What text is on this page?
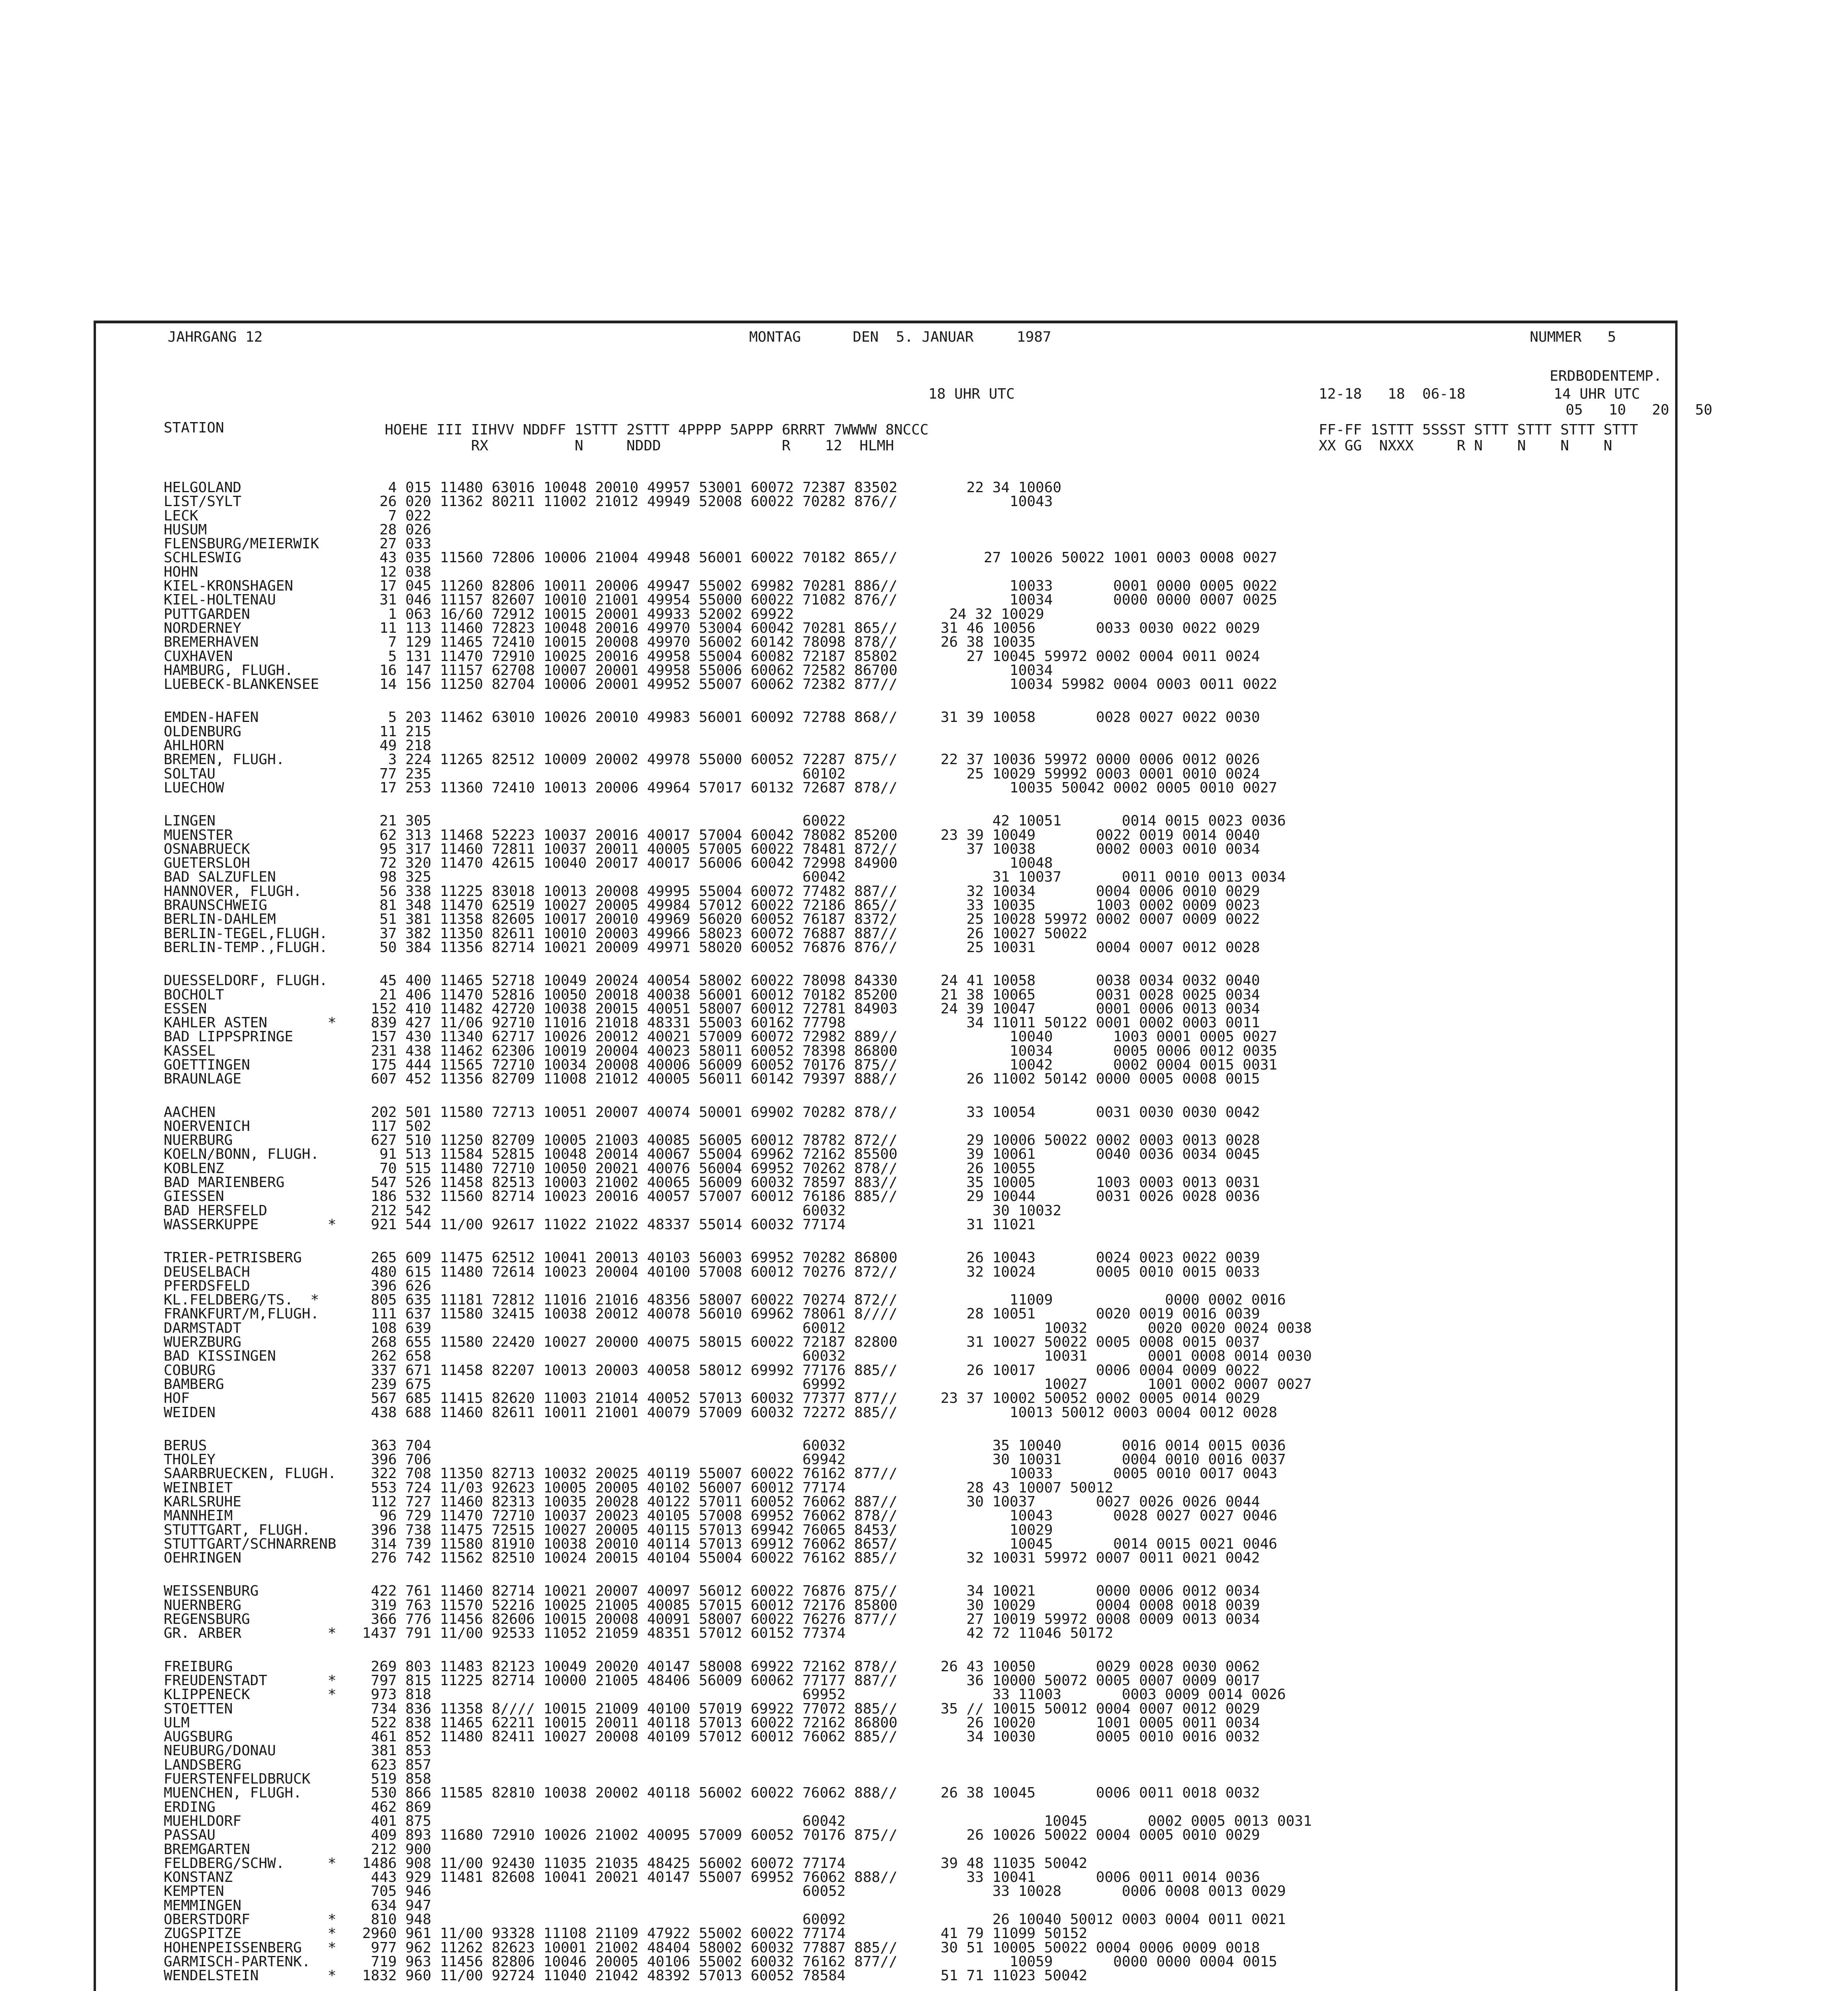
JAHRGANG 12	MONTAG      DEN  5. JANUAR     1987	NUMMER   5
ERDBODENTEMP.
18 UHR UTC	12-18   18  06-18	14 UHR UTC
05   10   20   50
STATION	HOEHE III IIHVV NDDFF 1STTT 2STTT 4PPPP 5APPP 6RRRT 7WWWW 8NCCC	FF-FF 1STTT 5SSST STTT STTT STTT STTT
RX          N     NDDD              R    12  HLMH	XX GG  NXXX     R N    N    N    N
HELGOLAND                 4 015 11480 63016 10048 20010 49957 53001 60072 72387 83502        22 34 10060
LIST/SYLT                26 020 11362 80211 11002 21012 49949 52008 60022 70282 876//             10043
LECK                      7 022
HUSUM                    28 026
FLENSBURG/MEIERWIK       27 033
SCHLESWIG                43 035 11560 72806 10006 21004 49948 56001 60022 70182 865//          27 10026 50022 1001 0003 0008 0027
HOHN                     12 038
KIEL-KRONSHAGEN          17 045 11260 82806 10011 20006 49947 55002 69982 70281 886//             10033       0001 0000 0005 0022
KIEL-HOLTENAU            31 046 11157 82607 10010 21001 49954 55000 60022 71082 876//             10034       0000 0000 0007 0025
PUTTGARDEN                1 063 16/60 72912 10015 20001 49933 52002 69922                  24 32 10029
NORDERNEY                11 113 11460 72823 10048 20016 49970 53004 60042 70281 865//     31 46 10056       0033 0030 0022 0029
BREMERHAVEN               7 129 11465 72410 10015 20008 49970 56002 60142 78098 878//     26 38 10035
CUXHAVEN                  5 131 11470 72910 10025 20016 49958 55004 60082 72187 85802        27 10045 59972 0002 0004 0011 0024
HAMBURG, FLUGH.          16 147 11157 62708 10007 20001 49958 55006 60062 72582 86700             10034
LUEBECK-BLANKENSEE       14 156 11250 82704 10006 20001 49952 55007 60062 72382 877//             10034 59982 0004 0003 0011 0022
EMDEN-HAFEN               5 203 11462 63010 10026 20010 49983 56001 60092 72788 868//     31 39 10058       0028 0027 0022 0030
OLDENBURG                11 215
AHLHORN                  49 218
BREMEN, FLUGH.            3 224 11265 82512 10009 20002 49978 55000 60052 72287 875//     22 37 10036 59972 0000 0006 0012 0026
SOLTAU                   77 235                                           60102              25 10029 59992 0003 0001 0010 0024
LUECHOW                  17 253 11360 72410 10013 20006 49964 57017 60132 72687 878//             10035 50042 0002 0005 0010 0027
LINGEN                   21 305                                           60022                 42 10051       0014 0015 0023 0036
MUENSTER                 62 313 11468 52223 10037 20016 40017 57004 60042 78082 85200     23 39 10049       0022 0019 0014 0040
OSNABRUECK               95 317 11460 72811 10037 20011 40005 57005 60022 78481 872//        37 10038       0002 0003 0010 0034
GUETERSLOH               72 320 11470 42615 10040 20017 40017 56006 60042 72998 84900             10048
BAD SALZUFLEN            98 325                                           60042                 31 10037       0011 0010 0013 0034
HANNOVER, FLUGH.         56 338 11225 83018 10013 20008 49995 55004 60072 77482 887//        32 10034       0004 0006 0010 0029
BRAUNSCHWEIG             81 348 11470 62519 10027 20005 49984 57012 60022 72186 865//        33 10035       1003 0002 0009 0023
BERLIN-DAHLEM            51 381 11358 82605 10017 20010 49969 56020 60052 76187 8372/        25 10028 59972 0002 0007 0009 0022
BERLIN-TEGEL,FLUGH.      37 382 11350 82611 10010 20003 49966 58023 60072 76887 887//        26 10027 50022
BERLIN-TEMP.,FLUGH.      50 384 11356 82714 10021 20009 49971 58020 60052 76876 876//        25 10031       0004 0007 0012 0028
DUESSELDORF, FLUGH.      45 400 11465 52718 10049 20024 40054 58002 60022 78098 84330     24 41 10058       0038 0034 0032 0040
BOCHOLT                  21 406 11470 52816 10050 20018 40038 56001 60012 70182 85200     21 38 10065       0031 0028 0025 0034
ESSEN                   152 410 11482 42720 10038 20015 40051 58007 60012 72781 84903     24 39 10047       0001 0006 0013 0034
KAHLER ASTEN       *    839 427 11/06 92710 11016 21018 48331 55003 60162 77798              34 11011 50122 0001 0002 0003 0011
BAD LIPPSPRINGE         157 430 11340 62717 10026 20012 40021 57009 60072 72982 889//             10040       1003 0001 0005 0027
KASSEL                  231 438 11462 62306 10019 20004 40023 58011 60052 78398 86800             10034       0005 0006 0012 0035
GOETTINGEN              175 444 11565 72710 10034 20008 40006 56009 60052 70176 875//             10042       0002 0004 0015 0031
BRAUNLAGE               607 452 11356 82709 11008 21012 40005 56011 60142 79397 888//        26 11002 50142 0000 0005 0008 0015
AACHEN                  202 501 11580 72713 10051 20007 40074 50001 69902 70282 878//        33 10054       0031 0030 0030 0042
NOERVENICH              117 502
NUERBURG                627 510 11250 82709 10005 21003 40085 56005 60012 78782 872//        29 10006 50022 0002 0003 0013 0028
KOELN/BONN, FLUGH.       91 513 11584 52815 10048 20014 40067 55004 69962 72162 85500        39 10061       0040 0036 0034 0045
KOBLENZ                  70 515 11480 72710 10050 20021 40076 56004 69952 70262 878//        26 10055
BAD MARIENBERG          547 526 11458 82513 10003 21002 40065 56009 60032 78597 883//        35 10005       1003 0003 0013 0031
GIESSEN                 186 532 11560 82714 10023 20016 40057 57007 60012 76186 885//        29 10044       0031 0026 0028 0036
BAD HERSFELD            212 542                                           60032                 30 10032
WASSERKUPPE        *    921 544 11/00 92617 11022 21022 48337 55014 60032 77174              31 11021
TRIER-PETRISBERG        265 609 11475 62512 10041 20013 40103 56003 69952 70282 86800        26 10043       0024 0023 0022 0039
DEUSELBACH              480 615 11480 72614 10023 20004 40100 57008 60012 70276 872//        32 10024       0005 0010 0015 0033
PFERDSFELD              396 626
KL.FELDBERG/TS.  *      805 635 11181 72812 11016 21016 48356 58007 60022 70274 872//             11009             0000 0002 0016
FRANKFURT/M,FLUGH.      111 637 11580 32415 10038 20012 40078 56010 69962 78061 8////        28 10051       0020 0019 0016 0039
DARMSTADT               108 639                                           60012                       10032       0020 0020 0024 0038
WUERZBURG               268 655 11580 22420 10027 20000 40075 58015 60022 72187 82800        31 10027 50022 0005 0008 0015 0037
BAD KISSINGEN           262 658                                           60032                       10031       0001 0008 0014 0030
COBURG                  337 671 11458 82207 10013 20003 40058 58012 69992 77176 885//        26 10017       0006 0004 0009 0022
BAMBERG                 239 675                                           69992                       10027       1001 0002 0007 0027
HOF                     567 685 11415 82620 11003 21014 40052 57013 60032 77377 877//     23 37 10002 50052 0002 0005 0014 0029
WEIDEN                  438 688 11460 82611 10011 21001 40079 57009 60032 72272 885//             10013 50012 0003 0004 0012 0028
BERUS                   363 704                                           60032                 35 10040       0016 0014 0015 0036
THOLEY                  396 706                                           69942                 30 10031       0004 0010 0016 0037
SAARBRUECKEN, FLUGH.    322 708 11350 82713 10032 20025 40119 55007 60022 76162 877//             10033       0005 0010 0017 0043
WEINBIET                553 724 11/03 92623 10005 20005 40102 56007 60012 77174              28 43 10007 50012
KARLSRUHE               112 727 11460 82313 10035 20028 40122 57011 60052 76062 887//        30 10037       0027 0026 0026 0044
MANNHEIM                 96 729 11470 72710 10037 20023 40105 57008 69952 76062 878//             10043       0028 0027 0027 0046
STUTTGART, FLUGH.       396 738 11475 72515 10027 20005 40115 57013 69942 76065 8453/             10029
STUTTGART/SCHNARRENB    314 739 11580 81910 10038 20010 40114 57013 69912 76062 8657/             10045       0014 0015 0021 0046
OEHRINGEN               276 742 11562 82510 10024 20015 40104 55004 60022 76162 885//        32 10031 59972 0007 0011 0021 0042
WEISSENBURG             422 761 11460 82714 10021 20007 40097 56012 60022 76876 875//        34 10021       0000 0006 0012 0034
NUERNBERG               319 763 11570 52216 10025 21005 40085 57015 60012 72176 85800        30 10029       0004 0008 0018 0039
REGENSBURG              366 776 11456 82606 10015 20008 40091 58007 60022 76276 877//        27 10019 59972 0008 0009 0013 0034
GR. ARBER          *   1437 791 11/00 92533 11052 21059 48351 57012 60152 77374              42 72 11046 50172
FREIBURG                269 803 11483 82123 10049 20020 40147 58008 69922 72162 878//     26 43 10050       0029 0028 0030 0062
FREUDENSTADT       *    797 815 11225 82714 10000 21005 48406 56009 60062 77177 887//        36 10000 50072 0005 0007 0009 0017
KLIPPENECK         *    973 818                                           69952                 33 11003       0003 0009 0014 0026
STOETTEN                734 836 11358 8//// 10015 21009 40100 57019 69922 77072 885//     35 // 10015 50012 0004 0007 0012 0029
ULM                     522 838 11465 62211 10015 20011 40118 57013 60022 72162 86800        26 10020       1001 0005 0011 0034
AUGSBURG                461 852 11480 82411 10027 20008 40109 57012 60012 76062 885//        34 10030       0005 0010 0016 0032
NEUBURG/DONAU           381 853
LANDSBERG               623 857
FUERSTENFELDBRUCK       519 858
MUENCHEN, FLUGH.        530 866 11585 82810 10038 20002 40118 56002 60022 76062 888//     26 38 10045       0006 0011 0018 0032
ERDING                  462 869
MUEHLDORF               401 875                                           60042                       10045       0002 0005 0013 0031
PASSAU                  409 893 11680 72910 10026 21002 40095 57009 60052 70176 875//        26 10026 50022 0004 0005 0010 0029
BREMGARTEN              212 900
FELDBERG/SCHW.     *   1486 908 11/00 92430 11035 21035 48425 56002 60072 77174           39 48 11035 50042
KONSTANZ                443 929 11481 82608 10041 20021 40147 55007 69952 76062 888//        33 10041       0006 0011 0014 0036
KEMPTEN                 705 946                                           60052                 33 10028       0006 0008 0013 0029
MEMMINGEN               634 947
OBERSTDORF         *    810 948                                           60092                 26 10040 50012 0003 0004 0011 0021
ZUGSPITZE          *   2960 961 11/00 93328 11108 21109 47922 55002 60022 77174           41 79 11099 50152
HOHENPEISSENBERG   *    977 962 11262 82623 10001 21002 48404 58002 60032 77887 885//     30 51 10005 50022 0004 0006 0009 0018
GARMISCH-PARTENK.       719 963 11456 82806 10046 20005 40106 55002 60032 76162 877//             10059       0000 0000 0004 0015
WENDELSTEIN        *   1832 960 11/00 92724 11040 21042 48392 57013 60052 78584           51 71 11023 50042
